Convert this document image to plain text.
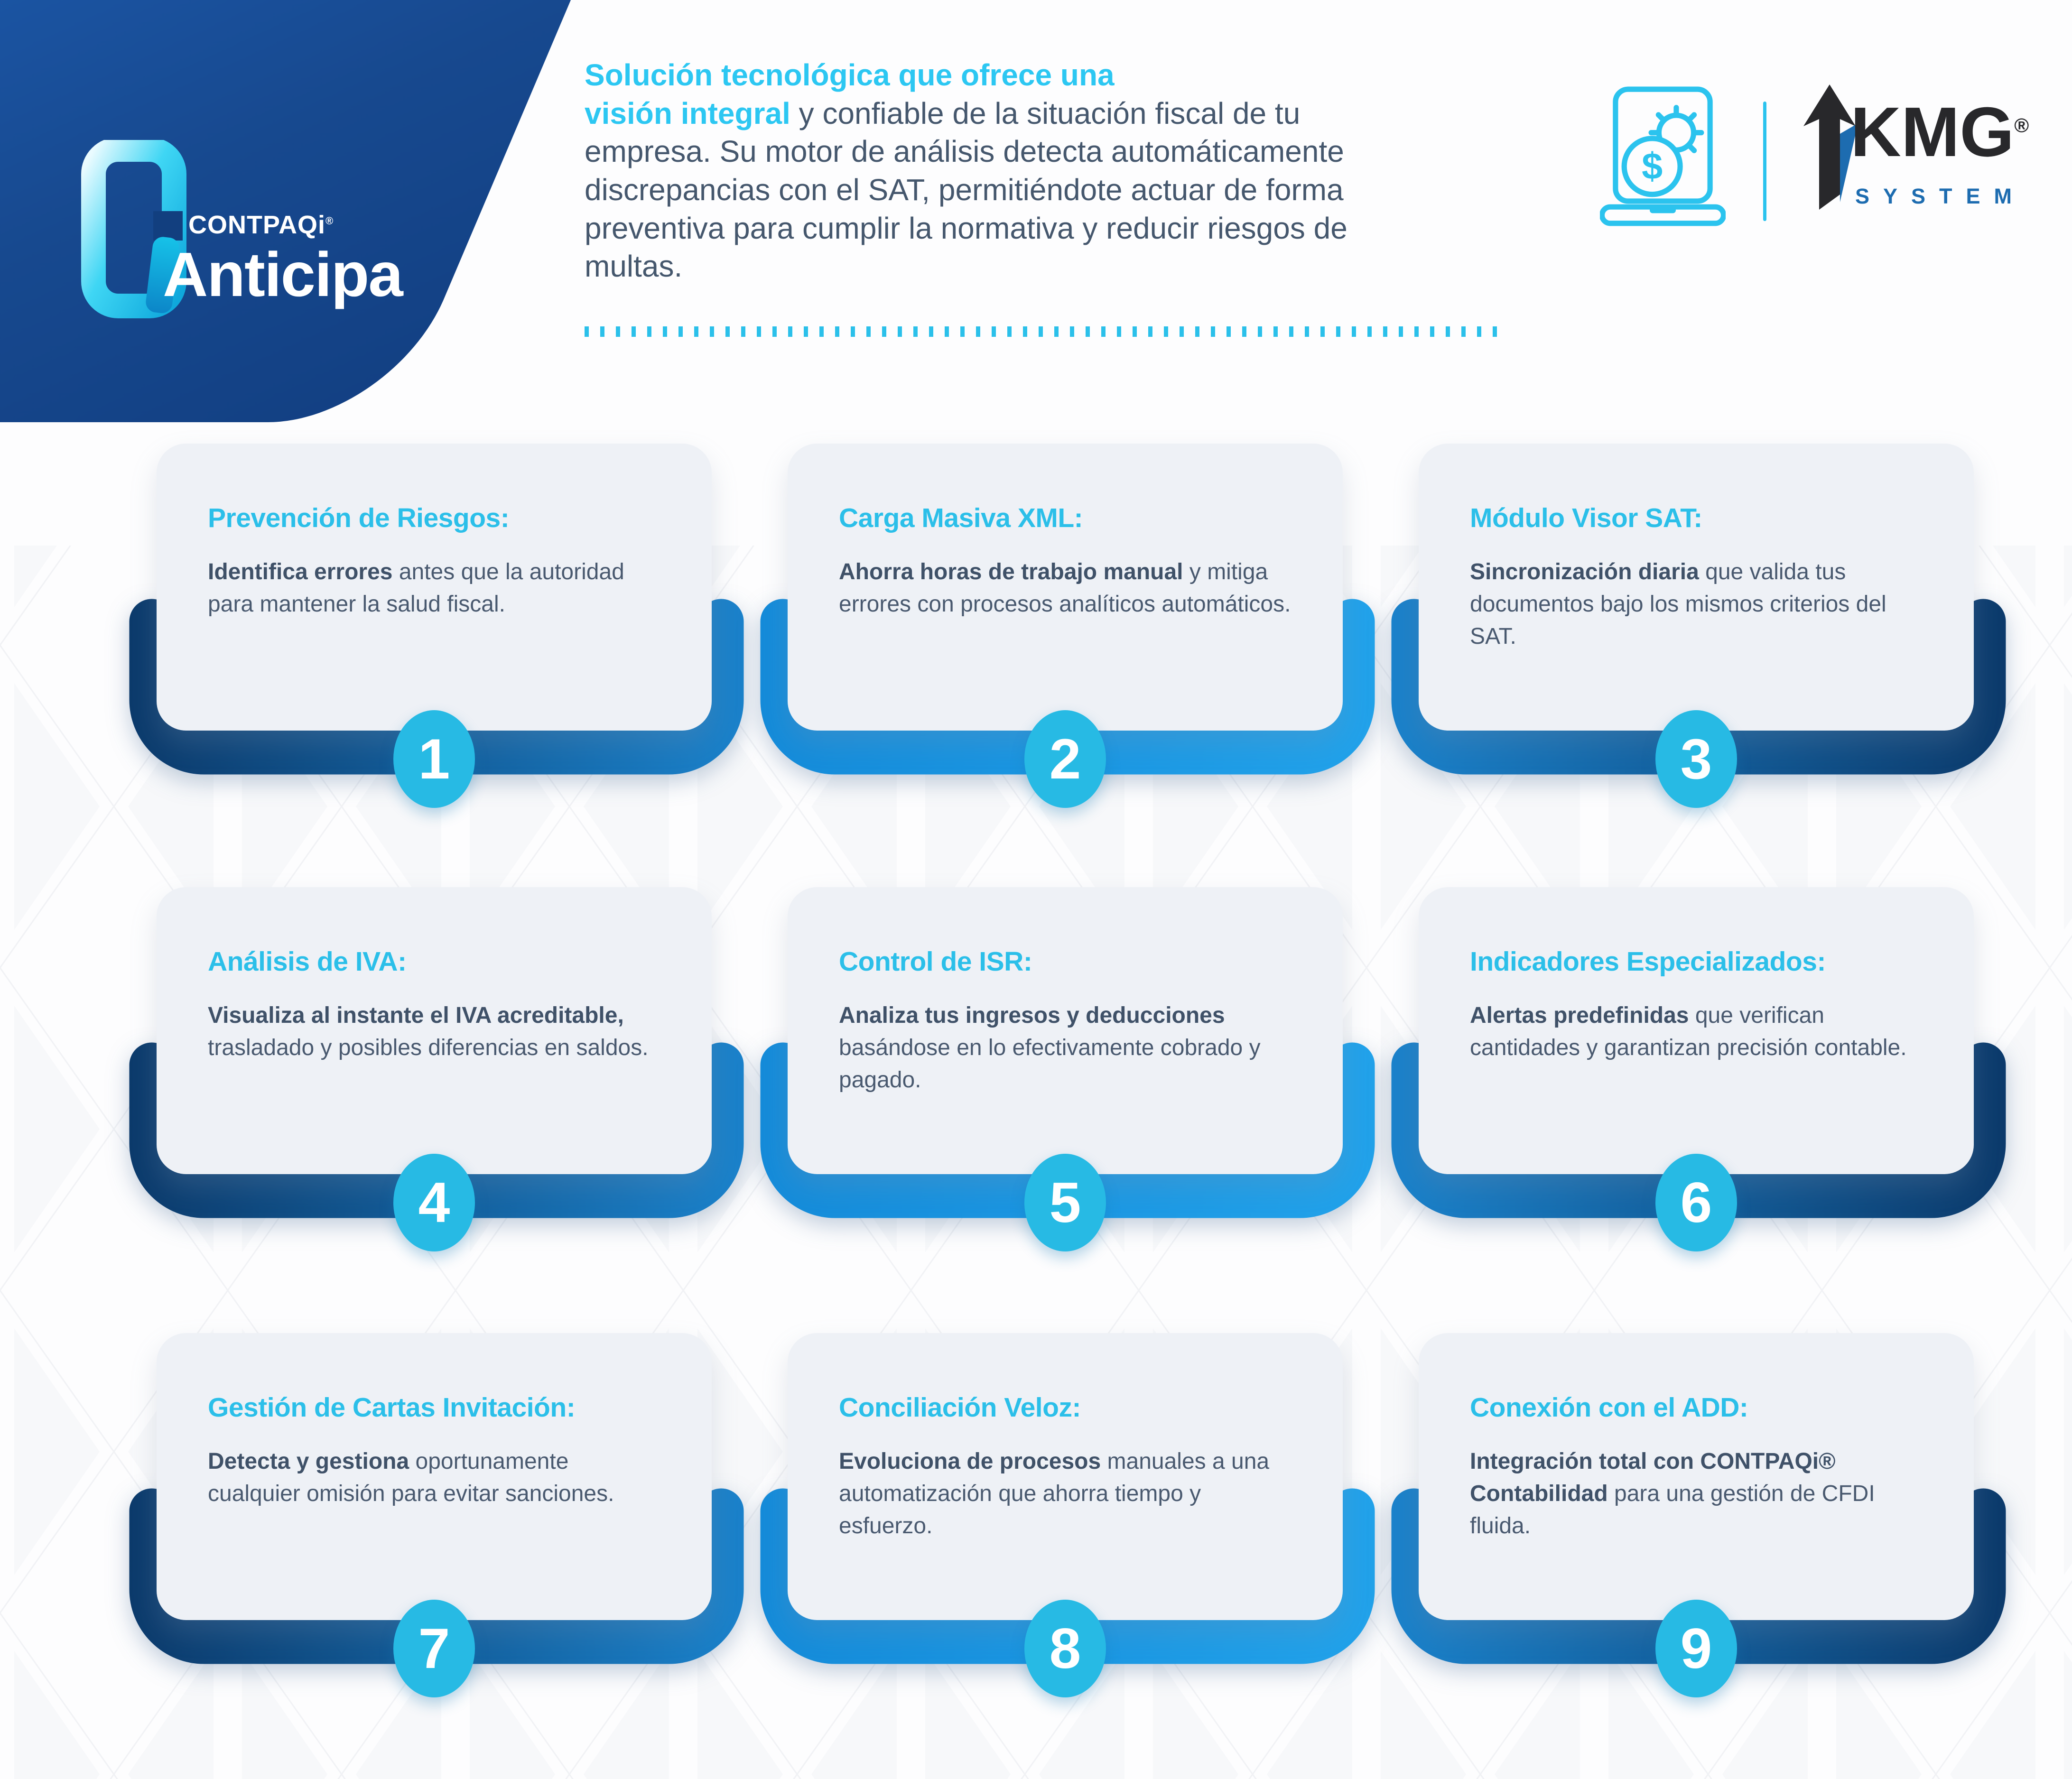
CONTPAQi®
Anticipa
Solución tecnológica que ofrece una
visión integral y confiable de la situación fiscal de tu empresa. Su motor de análisis detecta automáticamente discrepancias con el SAT, permitiéndote actuar de forma preventiva para cumplir la normativa y reducir riesgos de multas.
$	KMG®
SYSTEM
Prevención de Riesgos:

Identifica errores antes que la autoridad para mantener la salud fiscal.

1
Carga Masiva XML:

Ahorra horas de trabajo manual y mitiga errores con procesos analíticos automáticos.

2
Módulo Visor SAT:

Sincronización diaria que valida tus documentos bajo los mismos criterios del SAT.

3
Análisis de IVA:

Visualiza al instante el IVA acreditable, trasladado y posibles diferencias en saldos.

4
Control de ISR:

Analiza tus ingresos y deducciones basándose en lo efectivamente cobrado y pagado.

5
Indicadores Especializados:

Alertas predefinidas que verifican cantidades y garantizan precisión contable.

6
Gestión de Cartas Invitación:

Detecta y gestiona oportunamente cualquier omisión para evitar sanciones.

7
Conciliación Veloz:

Evoluciona de procesos manuales a una automatización que ahorra tiempo y esfuerzo.

8
Conexión con el ADD:

Integración total con CONTPAQi® Contabilidad para una gestión de CFDI fluida.

9
